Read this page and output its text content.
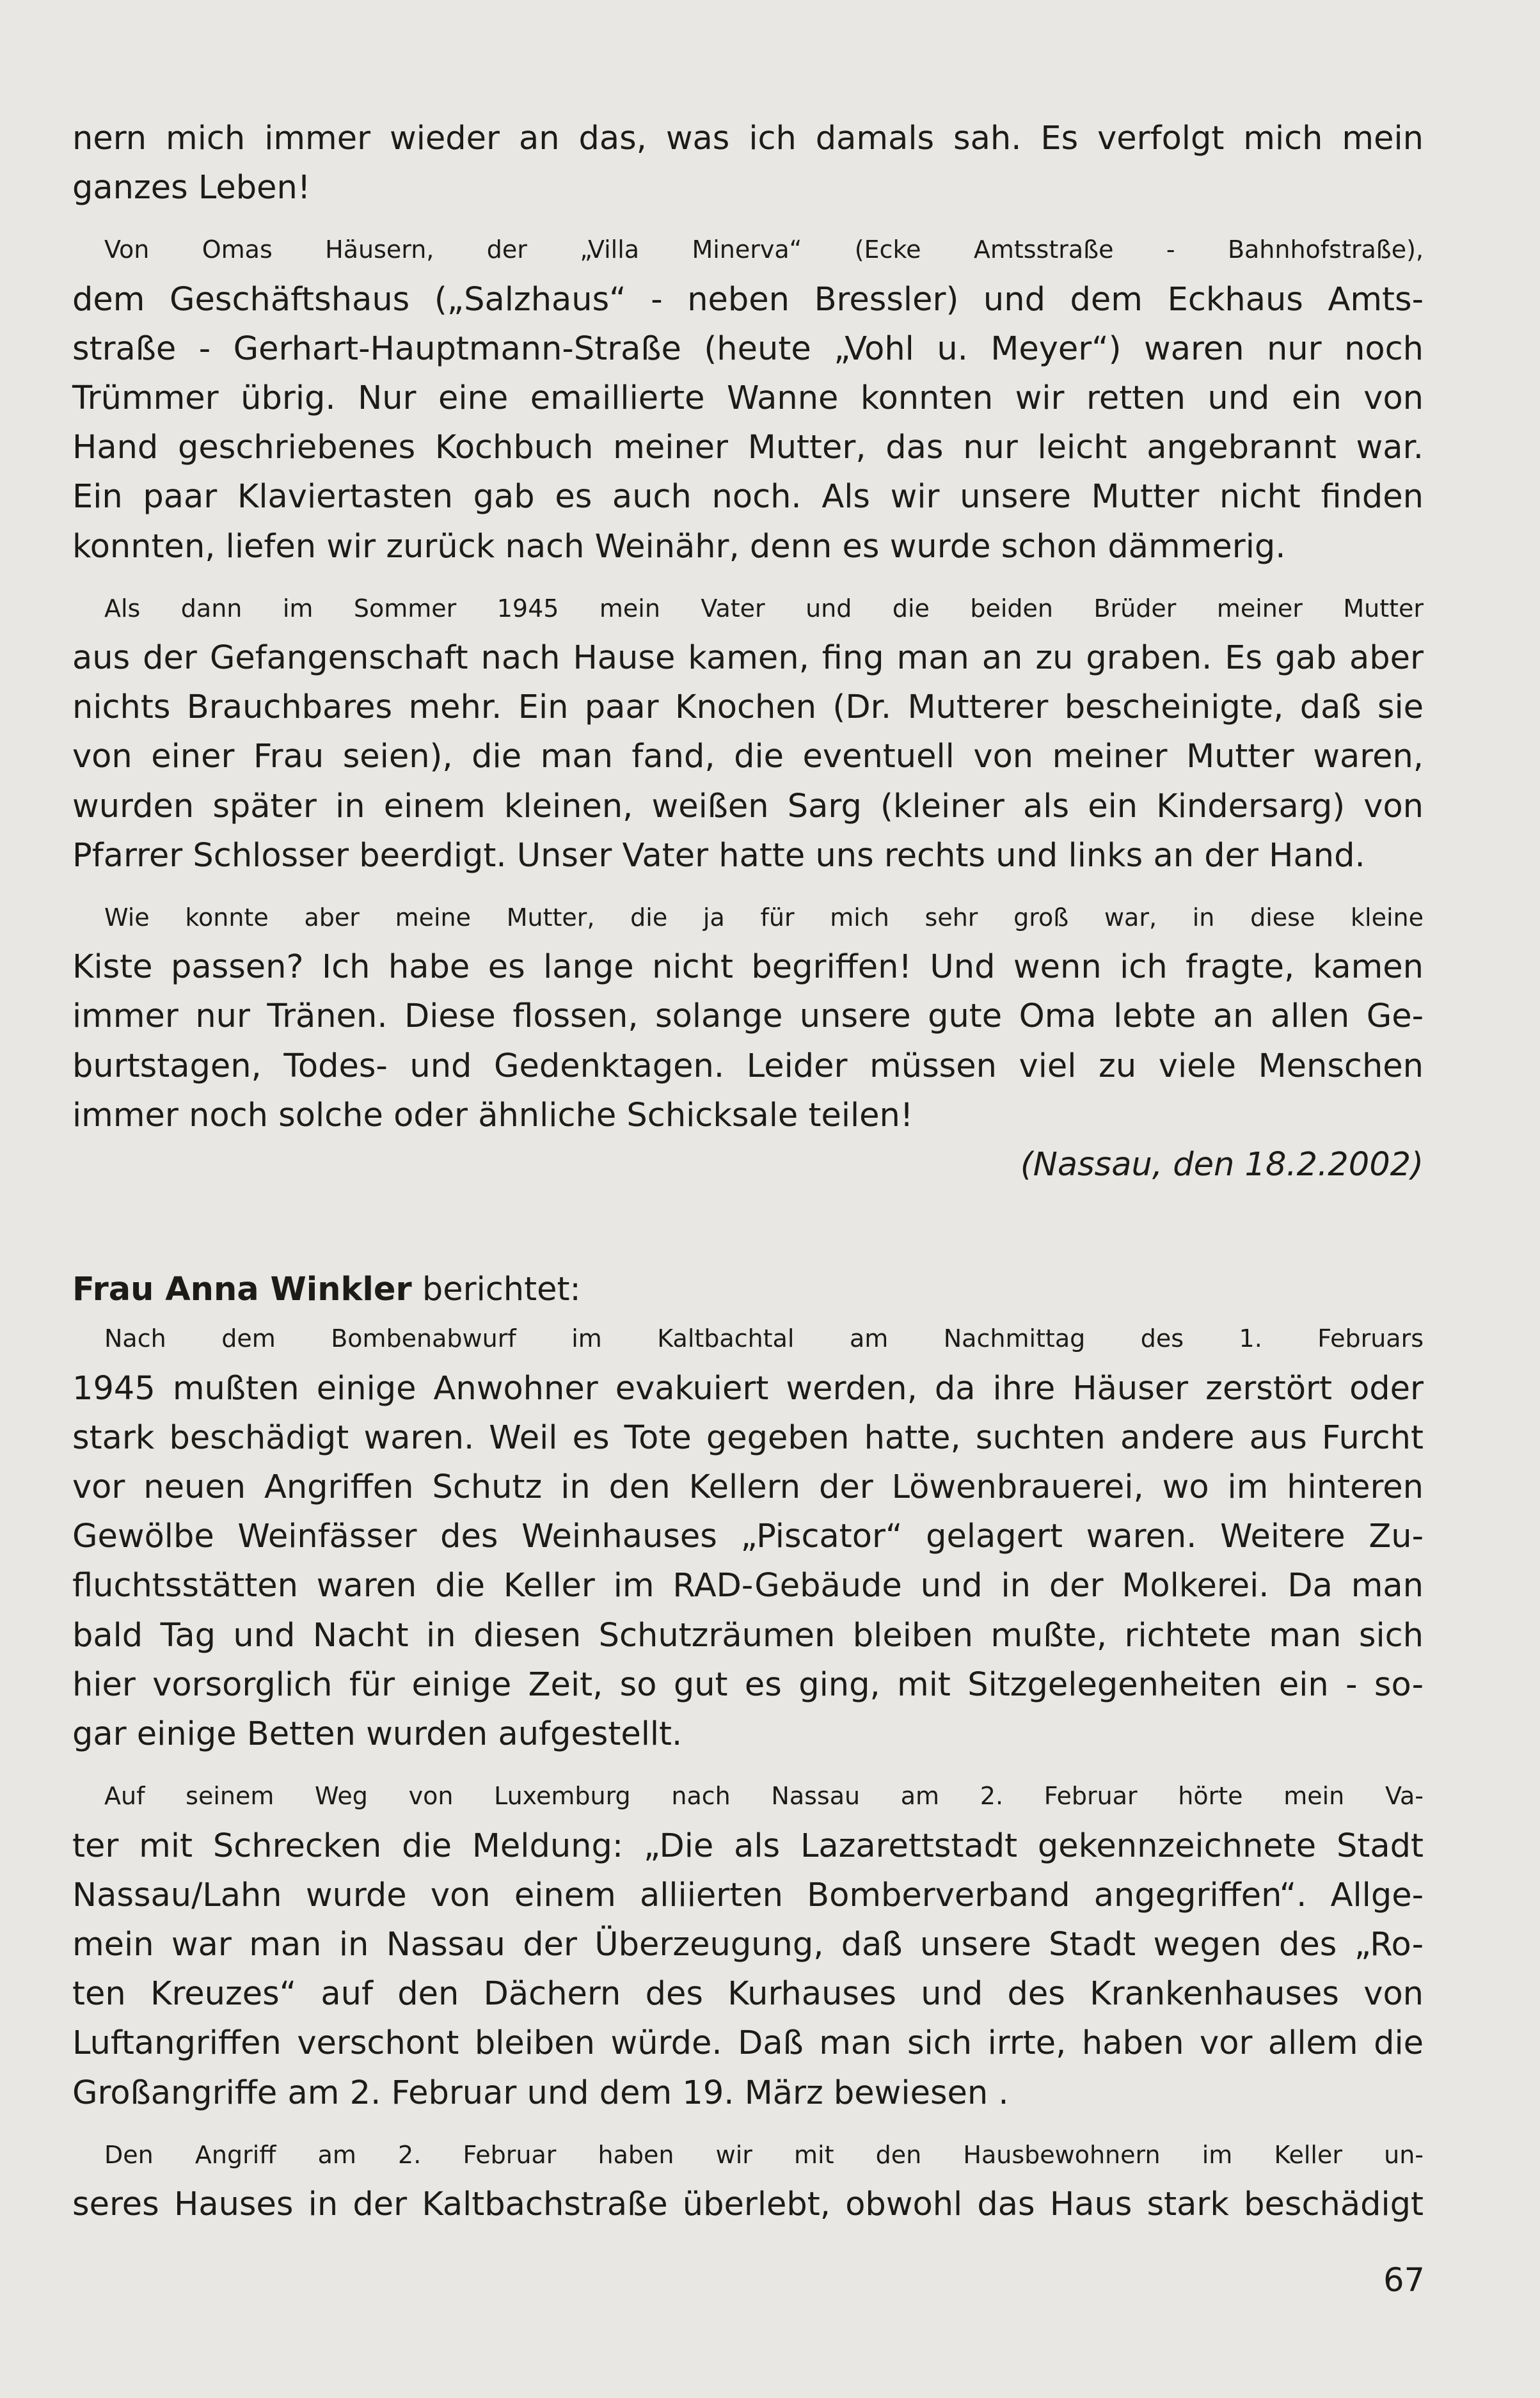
nern mich immer wieder an das, was ich damals sah. Es verfolgt mich mein
ganzes Leben!

Von Omas Häusern, der „Villa Minerva“ (Ecke Amtsstraße - Bahnhofstraße),
dem Geschäftshaus („Salzhaus“ - neben Bressler) und dem Eckhaus Amts-
straße - Gerhart-Hauptmann-Straße (heute „Vohl u. Meyer“) waren nur noch
Trümmer übrig. Nur eine emaillierte Wanne konnten wir retten und ein von
Hand geschriebenes Kochbuch meiner Mutter, das nur leicht angebrannt war.
Ein paar Klaviertasten gab es auch noch. Als wir unsere Mutter nicht finden
konnten, liefen wir zurück nach Weinähr, denn es wurde schon dämmerig.

Als dann im Sommer 1945 mein Vater und die beiden Brüder meiner Mutter
aus der Gefangenschaft nach Hause kamen, fing man an zu graben. Es gab aber
nichts Brauchbares mehr. Ein paar Knochen (Dr. Mutterer bescheinigte, daß sie
von einer Frau seien), die man fand, die eventuell von meiner Mutter waren,
wurden später in einem kleinen, weißen Sarg (kleiner als ein Kindersarg) von
Pfarrer Schlosser beerdigt. Unser Vater hatte uns rechts und links an der Hand.

Wie konnte aber meine Mutter, die ja für mich sehr groß war, in diese kleine
Kiste passen? Ich habe es lange nicht begriffen! Und wenn ich fragte, kamen
immer nur Tränen. Diese flossen, solange unsere gute Oma lebte an allen Ge-
burtstagen, Todes- und Gedenktagen. Leider müssen viel zu viele Menschen
immer noch solche oder ähnliche Schicksale teilen!

(Nassau, den 18.2.2002)

Frau Anna Winkler berichtet:

Nach dem Bombenabwurf im Kaltbachtal am Nachmittag des 1. Februars
1945 mußten einige Anwohner evakuiert werden, da ihre Häuser zerstört oder
stark beschädigt waren. Weil es Tote gegeben hatte, suchten andere aus Furcht
vor neuen Angriffen Schutz in den Kellern der Löwenbrauerei, wo im hinteren
Gewölbe Weinfässer des Weinhauses „Piscator“ gelagert waren. Weitere Zu-
fluchtsstätten waren die Keller im RAD-Gebäude und in der Molkerei. Da man
bald Tag und Nacht in diesen Schutzräumen bleiben mußte, richtete man sich
hier vorsorglich für einige Zeit, so gut es ging, mit Sitzgelegenheiten ein - so-
gar einige Betten wurden aufgestellt.

Auf seinem Weg von Luxemburg nach Nassau am 2. Februar hörte mein Va-
ter mit Schrecken die Meldung: „Die als Lazarettstadt gekennzeichnete Stadt
Nassau/Lahn wurde von einem alliierten Bomberverband angegriffen“. Allge-
mein war man in Nassau der Überzeugung, daß unsere Stadt wegen des „Ro-
ten Kreuzes“ auf den Dächern des Kurhauses und des Krankenhauses von
Luftangriffen verschont bleiben würde. Daß man sich irrte, haben vor allem die
Großangriffe am 2. Februar und dem 19. März bewiesen .

Den Angriff am 2. Februar haben wir mit den Hausbewohnern im Keller un-
seres Hauses in der Kaltbachstraße überlebt, obwohl das Haus stark beschädigt

67
